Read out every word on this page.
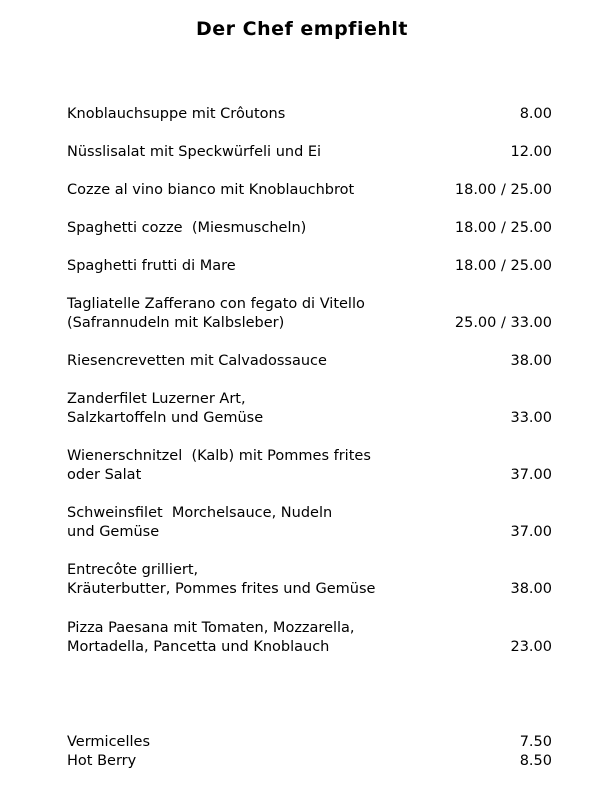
Der Chef empfiehlt
Knoblauchsuppe mit Crôutons	8.00
Nüsslisalat mit Speckwürfeli und Ei	12.00
Cozze al vino bianco mit Knoblauchbrot	18.00 / 25.00
Spaghetti cozze  (Miesmuscheln)	18.00 / 25.00
Spaghetti frutti di Mare	18.00 / 25.00
Tagliatelle Zafferano con fegato di Vitello
(Safrannudeln mit Kalbsleber)	25.00 / 33.00
Riesencrevetten mit Calvadossauce	38.00
Zanderfilet Luzerner Art,
Salzkartoffeln und Gemüse	33.00
Wienerschnitzel  (Kalb) mit Pommes frites
oder Salat	37.00
Schweinsfilet  Morchelsauce, Nudeln
und Gemüse	37.00
Entrecôte grilliert,
Kräuterbutter, Pommes frites und Gemüse	38.00
Pizza Paesana mit Tomaten, Mozzarella,
Mortadella, Pancetta und Knoblauch	23.00
Vermicelles	7.50
Hot Berry	8.50
